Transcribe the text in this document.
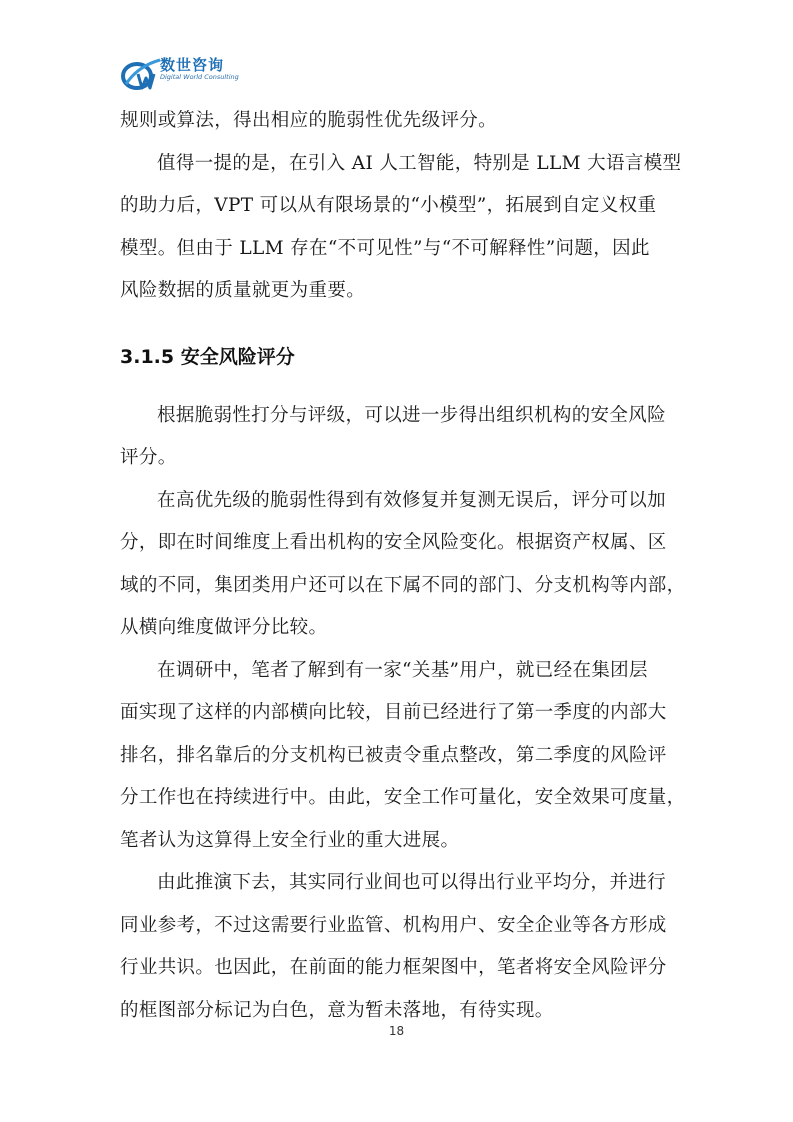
数世咨询
Digital World Consulting

规则或算法，得出相应的脆弱性优先级评分。

值得一提的是，在引入 AI 人工智能，特别是 LLM 大语言模型
的助力后，VPT 可以从有限场景的“小模型”，拓展到自定义权重
模型。但由于 LLM 存在“不可见性”与“不可解释性”问题，因此
风险数据的质量就更为重要。

3.1.5 安全风险评分

根据脆弱性打分与评级，可以进一步得出组织机构的安全风险
评分。

在高优先级的脆弱性得到有效修复并复测无误后，评分可以加
分，即在时间维度上看出机构的安全风险变化。根据资产权属、区
域的不同，集团类用户还可以在下属不同的部门、分支机构等内部，
从横向维度做评分比较。

在调研中，笔者了解到有一家“关基”用户，就已经在集团层
面实现了这样的内部横向比较，目前已经进行了第一季度的内部大
排名，排名靠后的分支机构已被责令重点整改，第二季度的风险评
分工作也在持续进行中。由此，安全工作可量化，安全效果可度量，
笔者认为这算得上安全行业的重大进展。

由此推演下去，其实同行业间也可以得出行业平均分，并进行
同业参考，不过这需要行业监管、机构用户、安全企业等各方形成
行业共识。也因此，在前面的能力框架图中，笔者将安全风险评分
的框图部分标记为白色，意为暂未落地，有待实现。

18
